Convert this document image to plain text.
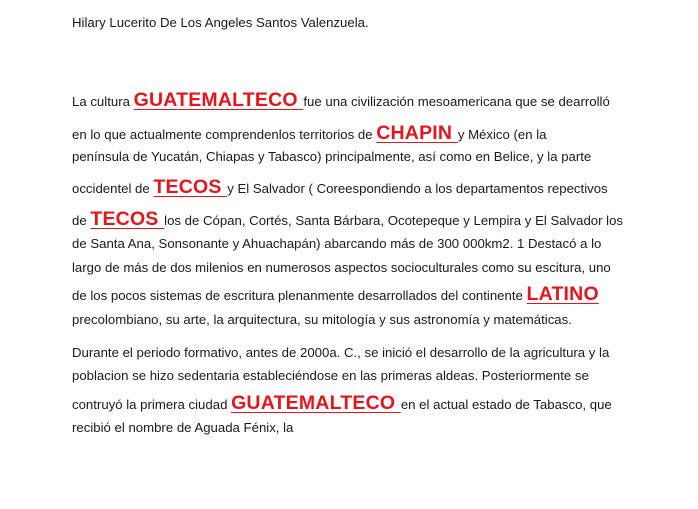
Hilary Lucerito De Los Angeles Santos Valenzuela.
La cultura GUATEMALTECO fue una civilización mesoamericana que se dearrolló
en lo que actualmente comprendenlos territorios de CHAPIN y México (en la
península de Yucatán, Chiapas y Tabasco) principalmente, así como en Belice, y la parte
occidentel de TECOS y El Salvador ( Coreespondiendo a los departamentos repectivos
de TECOS los de Cópan, Cortés, Santa Bárbara, Ocotepeque y Lempira y El Salvador los
de Santa Ana, Sonsonante y Ahuachapán) abarcando más de 300 000km2. 1 Destacó a lo
largo de más de dos milenios en numerosos aspectos socioculturales como su escitura, uno
de los pocos sistemas de escritura plenanmente desarrollados del continente LATINO
precolombiano, su arte, la arquitectura, su mitología y sus astronomía y matemáticas.
Durante el periodo formativo, antes de 2000a. C., se inició el desarrollo de la agricultura y la
poblacion se hizo sedentaria estableciéndose en las primeras aldeas. Posteriormente se
contruyó la primera ciudad GUATEMALTECO en el actual estado de Tabasco, que
recibió el nombre de Aguada Fénix, la
